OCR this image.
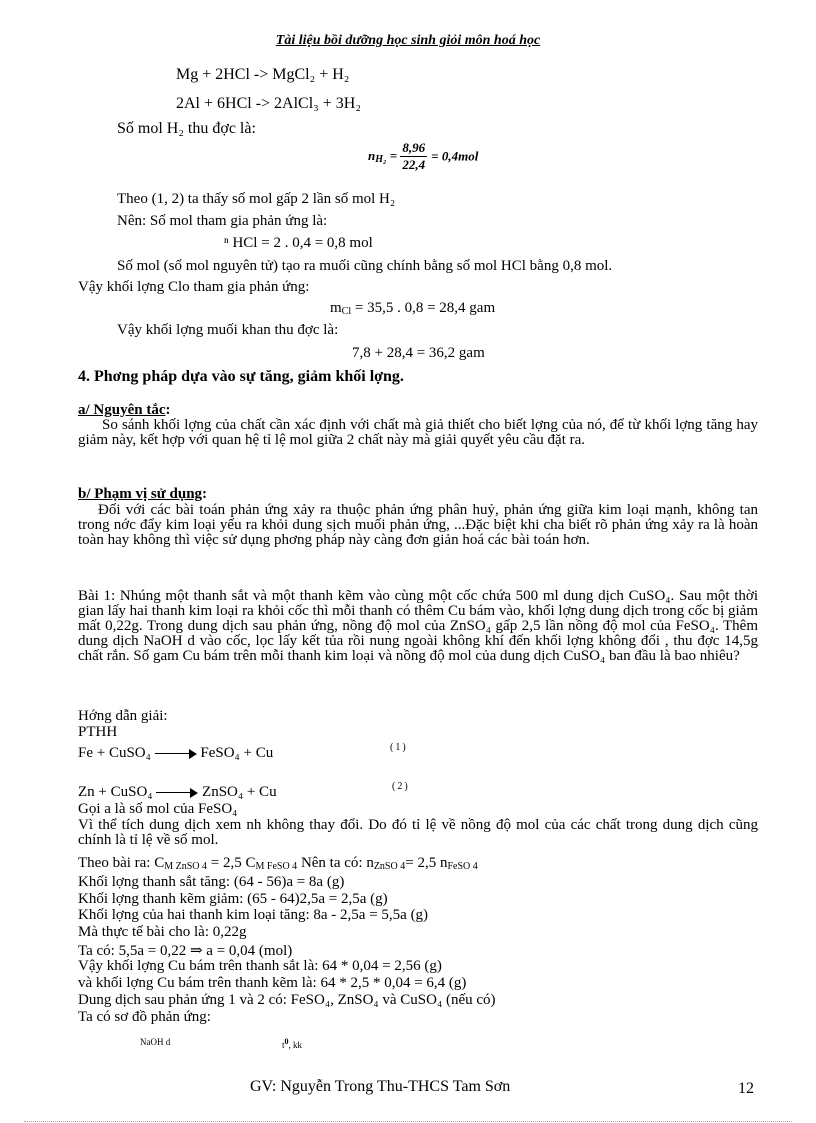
Tài liệu bồi dưỡng học sinh giỏi môn hoá học
Mg + 2HCl -> MgCl₂ + H₂
2Al + 6HCl -> 2AlCl₃ + 3H₂
Số mol H₂ thu đợc là:
$n_{H_2} = \frac{8,96}{22,4} = 0,4mol$
Theo (1, 2) ta thấy số mol gấp 2 lần số mol H₂
Nên: Số mol tham gia phản ứng là:
ⁿ HCl = 2 . 0,4 = 0,8 mol
Số mol (số mol nguyên tử) tạo ra muối cũng chính bằng số mol HCl bằng 0,8 mol.
Vậy khối lợng Clo tham gia phản ứng:
$m_{Cl} = 35,5$ . 0,8 = 28,4 gam
Vậy khối lợng muối khan thu đợc là:
7,8 + 28,4 = 36,2 gam
4. Phơng pháp dựa vào sự tăng, giảm khối lợng.
a/ Nguyên tắc:
So sánh khối lợng của chất cần xác định với chất mà giả thiết cho biết lợng của nó, để từ khối lợng tăng hay giảm này, kết hợp với quan hệ tỉ lệ mol giữa 2 chất này mà giải quyết yêu cầu đặt ra.
b/ Phạm vị sử dụng:
Đối với các bài toán phản ứng xảy ra thuộc phản ứng phân huỷ, phản ứng giữa kim loại mạnh, không tan trong nớc đẩy kim loại yếu ra khỏi dung sịch muối phản ứng, ...Đặc biệt khi cha biết rõ phản ứng xảy ra là hoàn toàn hay không thì việc sử dụng phơng pháp này càng đơn giản hoá các bài toán hơn.
Bài 1: Nhúng một thanh sắt và một thanh kẽm vào cùng một cốc chứa 500 ml dung dịch CuSO₄. Sau một thời gian lấy hai thanh kim loại ra khỏi cốc thì mỗi thanh có thêm Cu bám vào, khối lợng dung dịch trong cốc bị giảm mất 0,22g. Trong dung dịch sau phản ứng, nồng độ mol của ZnSO₄ gấp 2,5 lần nồng độ mol của FeSO₄. Thêm dung dịch NaOH d vào cốc, lọc lấy kết tủa rồi nung ngoài không khí đến khối lợng không đổi , thu đợc 14,5g chất rắn. Số gam Cu bám trên mỗi thanh kim loại và nồng độ mol của dung dịch CuSO₄ ban đầu là bao nhiêu?
Hớng dẫn giải:
PTHH
Fe + CuSO₄	FeSO₄ + Cu	(1)
Zn + CuSO₄	ZnSO₄ + Cu	(2)
Gọi a là số mol của FeSO₄
Vì thể tích dung dịch xem nh không thay đổi. Do đó tỉ lệ về nồng độ mol của các chất trong dung dịch cũng chính là tỉ lệ về số mol.
Theo bài ra: $C_{M ZnSO 4} = 2,5$ $C_{M FeSO 4}$ Nên ta có: $n_{ZnSO 4}= 2,5$ $n_{FeSO 4}$
Khối lợng thanh sắt tăng: (64 - 56)a = 8a (g)
Khối lợng thanh kẽm giảm: (65 - 64)2,5a = 2,5a (g)
Khối lợng của hai thanh kim loại tăng: 8a - 2,5a = 5,5a (g)
Mà thực tế bài cho là: 0,22g
Ta có: 5,5a = 0,22 ⇒ a = 0,04 (mol)
Vậy khối lợng Cu bám trên thanh sắt là: 64 * 0,04 = 2,56 (g)
và khối lợng Cu bám trên thanh kẽm là: 64 * 2,5 * 0,04 = 6,4 (g)
Dung dịch sau phản ứng 1 và 2 có: FeSO₄, ZnSO₄ và CuSO₄ (nếu có)
Ta có sơ đồ phản ứng:
NaOH d	$t^0$, kk
GV: Nguyễn Trong Thu-THCS Tam Sơn	12
